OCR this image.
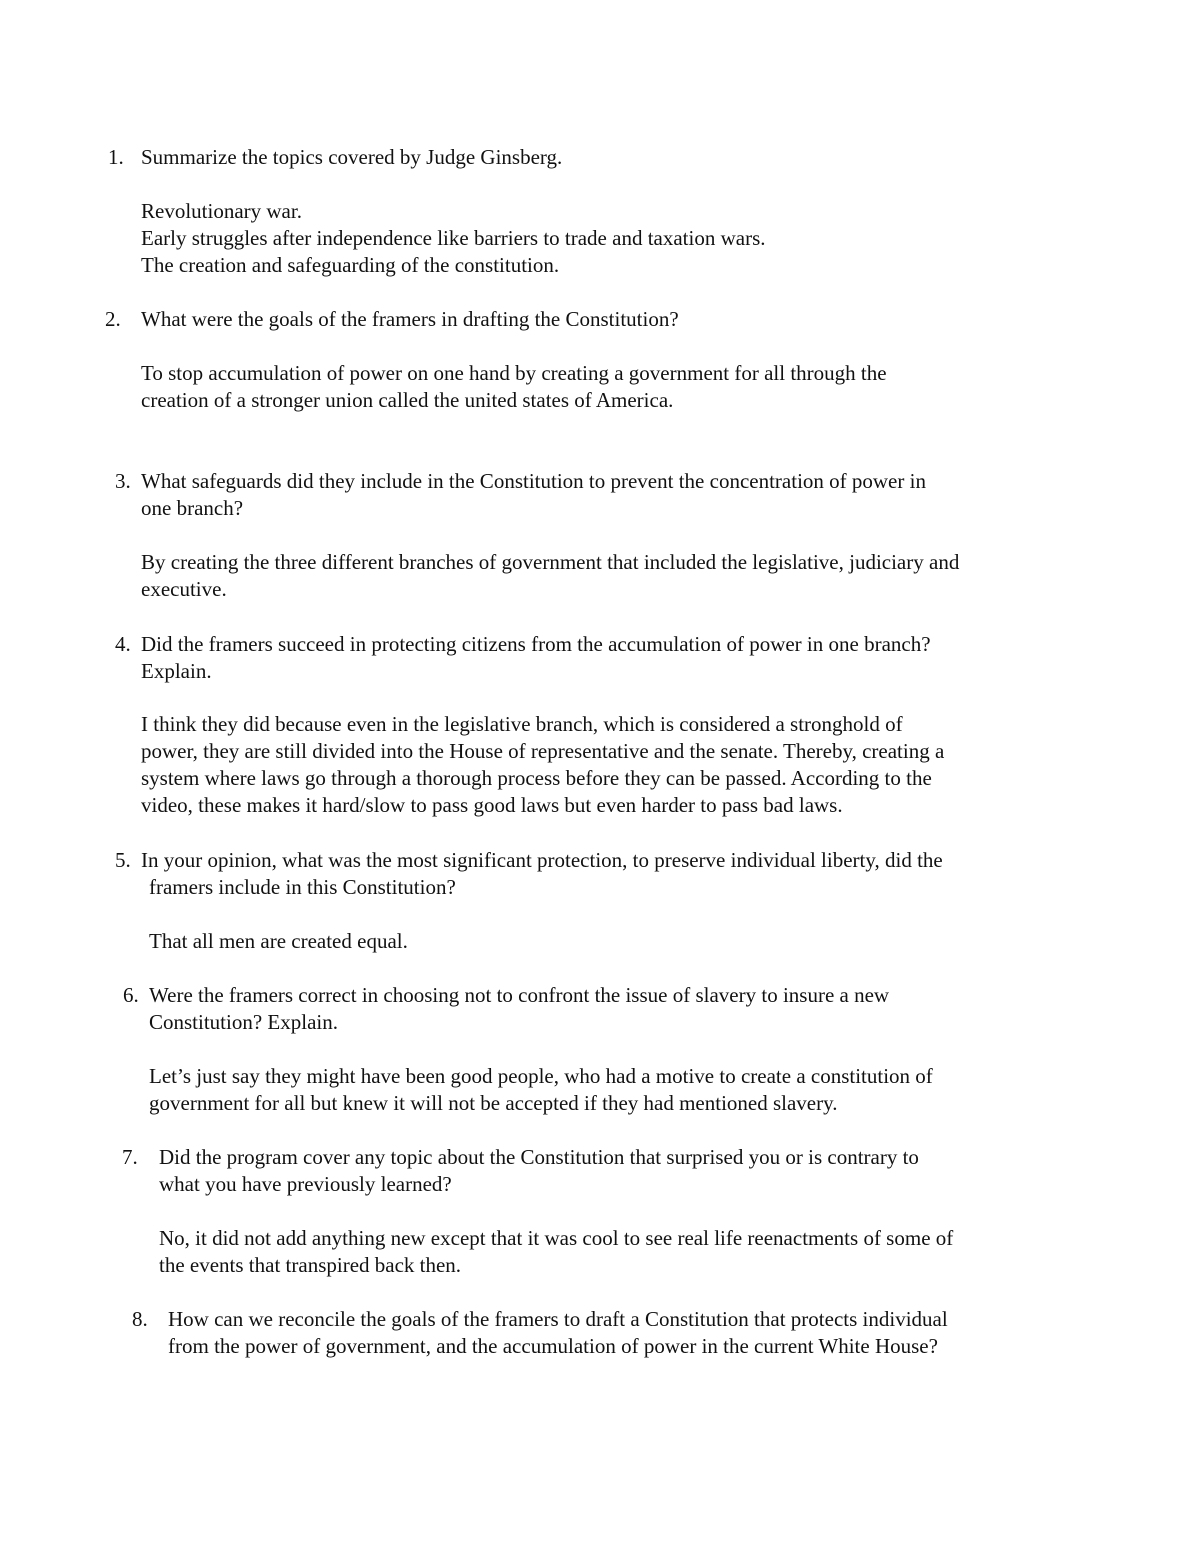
1. Summarize the topics covered by Judge Ginsberg.
Revolutionary war.
Early struggles after independence like barriers to trade and taxation wars.
The creation and safeguarding of the constitution.
2. What were the goals of the framers in drafting the Constitution?
To stop accumulation of power on one hand by creating a government for all through the
creation of a stronger union called the united states of America.
3. What safeguards did they include in the Constitution to prevent the concentration of power in
one branch?
By creating the three different branches of government that included the legislative, judiciary and
executive.
4. Did the framers succeed in protecting citizens from the accumulation of power in one branch?
Explain.
I think they did because even in the legislative branch, which is considered a stronghold of
power, they are still divided into the House of representative and the senate. Thereby, creating a
system where laws go through a thorough process before they can be passed. According to the
video, these makes it hard/slow to pass good laws but even harder to pass bad laws.
5. In your opinion, what was the most significant protection, to preserve individual liberty, did the
framers include in this Constitution?
That all men are created equal.
6. Were the framers correct in choosing not to confront the issue of slavery to insure a new
Constitution? Explain.
Let’s just say they might have been good people, who had a motive to create a constitution of
government for all but knew it will not be accepted if they had mentioned slavery.
7. Did the program cover any topic about the Constitution that surprised you or is contrary to
what you have previously learned?
No, it did not add anything new except that it was cool to see real life reenactments of some of
the events that transpired back then.
8. How can we reconcile the goals of the framers to draft a Constitution that protects individual
from the power of government, and the accumulation of power in the current White House?
